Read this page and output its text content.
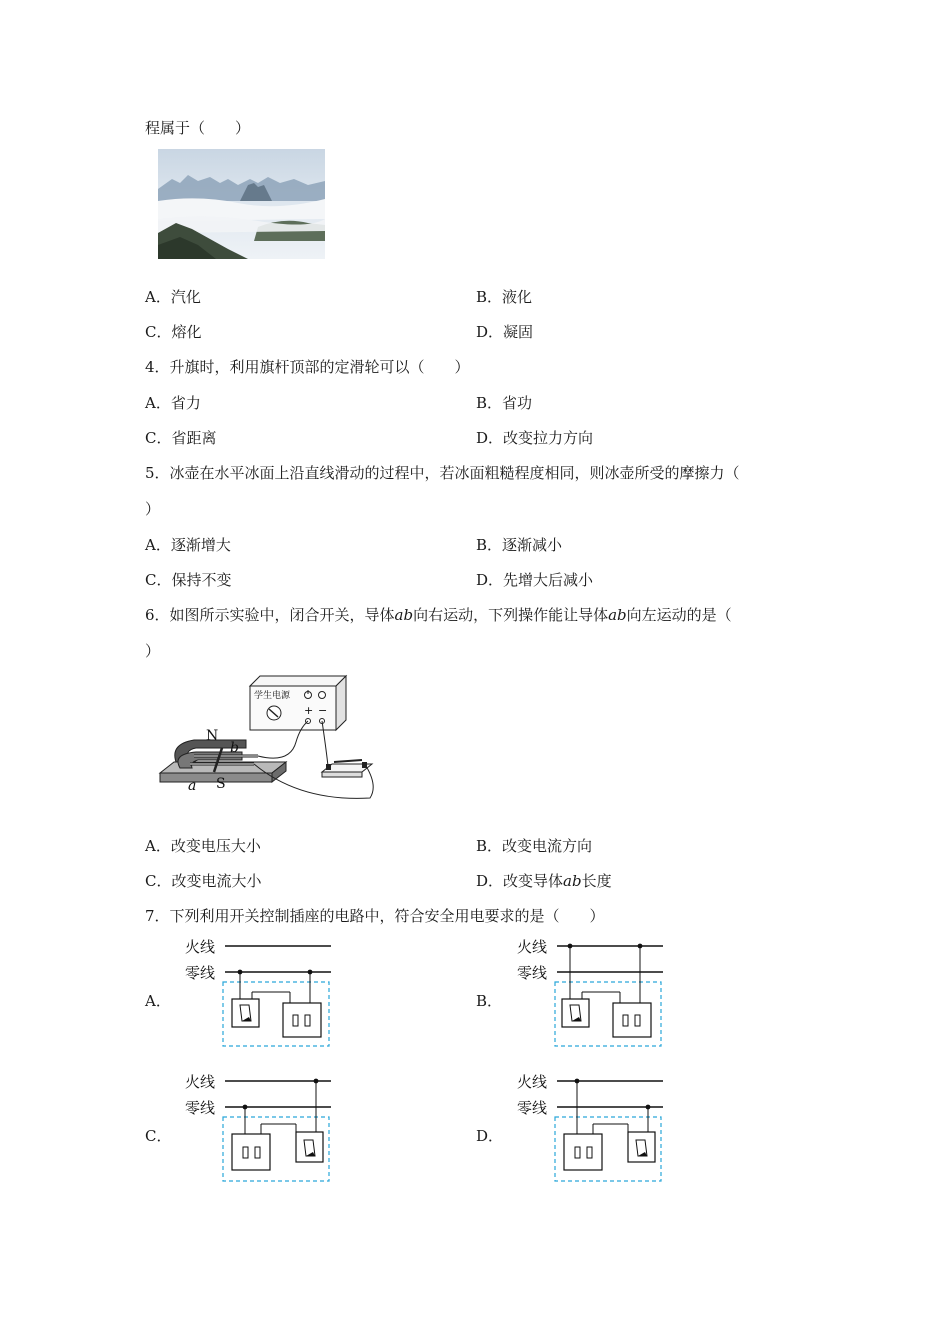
程属于（　　）
A．汽化	B．液化
C．熔化	D．凝固
4．升旗时，利用旗杆顶部的定滑轮可以（　　）
A．省力	B．省功
C．省距离	D．改变拉力方向
5．冰壶在水平冰面上沿直线滑动的过程中，若冰面粗糙程度相同，则冰壶所受的摩擦力（
）
A．逐渐增大	B．逐渐减小
C．保持不变	D．先增大后减小
6．如图所示实验中，闭合开关，导体ab向右运动，下列操作能让导体ab向左运动的是（
）
学生电源
+ −
N
b
a S
A．改变电压大小	B．改变电流方向
C．改变电流大小	D．改变导体ab长度
7．下列利用开关控制插座的电路中，符合安全用电要求的是（　　）
A．	B．
C．	D．
火线
零线
火线
零线
火线
零线
火线
零线
